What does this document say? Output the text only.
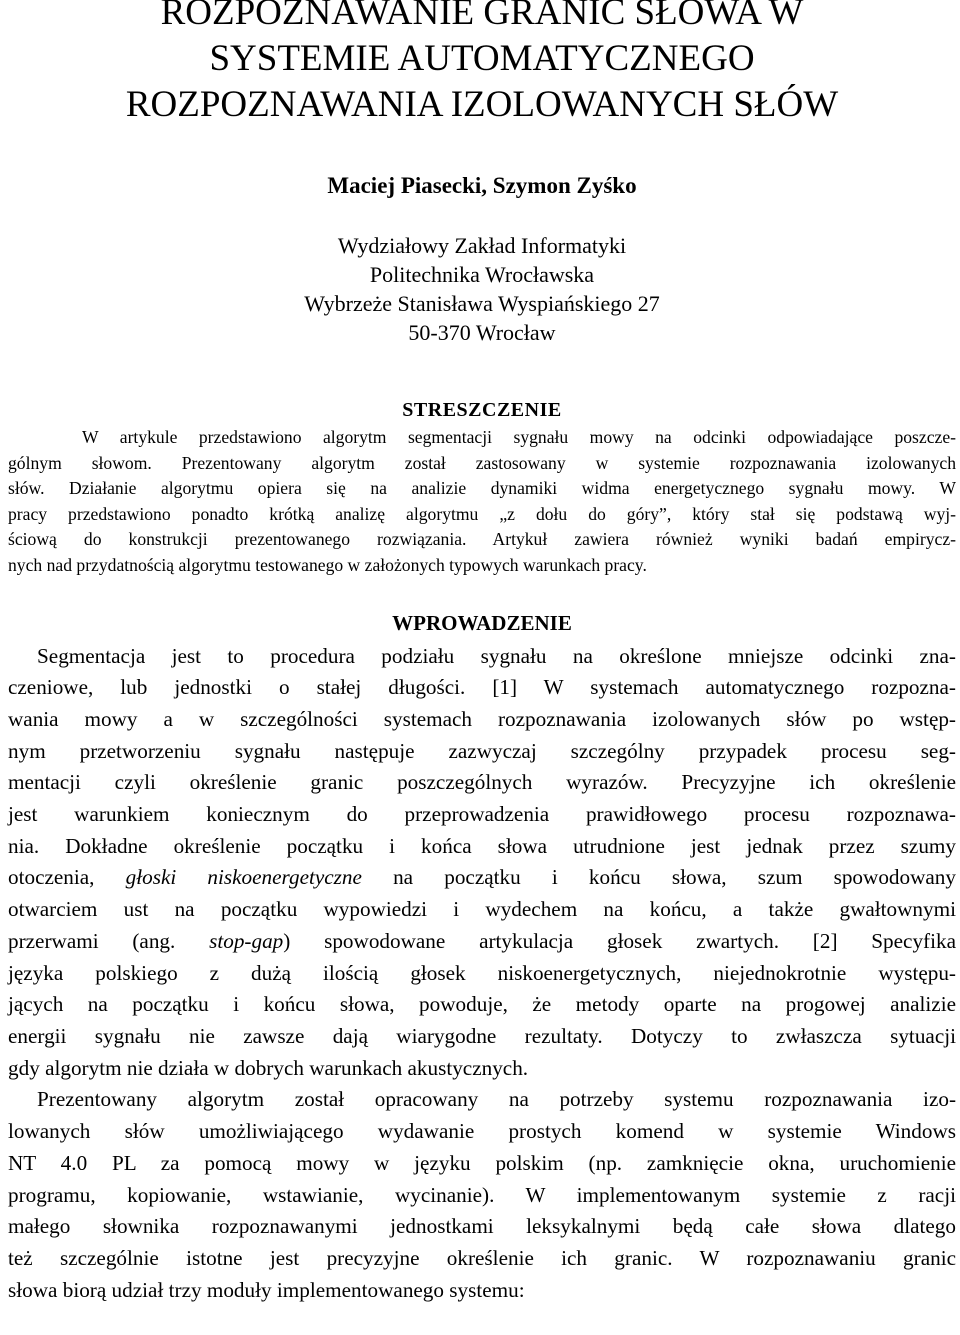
ROZPOZNAWANIE GRANIC SŁOWA W
SYSTEMIE AUTOMATYCZNEGO
ROZPOZNAWANIA IZOLOWANYCH SŁÓW
Maciej Piasecki, Szymon Zyśko
Wydziałowy Zakład Informatyki
Politechnika Wrocławska
Wybrzeże Stanisława Wyspiańskiego 27
50-370 Wrocław
STRESZCZENIE

W artykule przedstawiono algorytm segmentacji sygnału mowy na odcinki odpowiadające poszcze-
gólnym słowom. Prezentowany algorytm został zastosowany w systemie rozpoznawania izolowanych
słów. Działanie algorytmu opiera się na analizie dynamiki widma energetycznego sygnału mowy. W
pracy przedstawiono ponadto krótką analizę algorytmu „z dołu do góry”, który stał się podstawą wyj-
ściową do konstrukcji prezentowanego rozwiązania. Artykuł zawiera również wyniki badań empirycz-
nych nad przydatnością algorytmu testowanego w założonych typowych warunkach pracy.

WPROWADZENIE

Segmentacja jest to procedura podziału sygnału na określone mniejsze odcinki zna-
czeniowe, lub jednostki o stałej długości. [1] W systemach automatycznego rozpozna-
wania mowy a w szczególności systemach rozpoznawania izolowanych słów po wstęp-
nym przetworzeniu sygnału następuje zazwyczaj szczególny przypadek procesu seg-
mentacji czyli określenie granic poszczególnych wyrazów. Precyzyjne ich określenie
jest warunkiem koniecznym do przeprowadzenia prawidłowego procesu rozpoznawa-
nia. Dokładne określenie początku i końca słowa utrudnione jest jednak przez szumy
otoczenia, głoski niskoenergetyczne na początku i końcu słowa, szum spowodowany
otwarciem ust na początku wypowiedzi i wydechem na końcu, a także gwałtownymi
przerwami (ang. stop-gap) spowodowane artykulacja głosek zwartych. [2] Specyfika
języka polskiego z dużą ilością głosek niskoenergetycznych, niejednokrotnie występu-
jących na początku i końcu słowa, powoduje, że metody oparte na progowej analizie
energii sygnału nie zawsze dają wiarygodne rezultaty. Dotyczy to zwłaszcza sytuacji
gdy algorytm nie działa w dobrych warunkach akustycznych.

Prezentowany algorytm został opracowany na potrzeby systemu rozpoznawania izo-
lowanych słów umożliwiającego wydawanie prostych komend w systemie Windows
NT 4.0 PL za pomocą mowy w języku polskim (np. zamknięcie okna, uruchomienie
programu, kopiowanie, wstawianie, wycinanie). W implementowanym systemie z racji
małego słownika rozpoznawanymi jednostkami leksykalnymi będą całe słowa dlatego
też szczególnie istotne jest precyzyjne określenie ich granic. W rozpoznawaniu granic
słowa biorą udział trzy moduły implementowanego systemu:
